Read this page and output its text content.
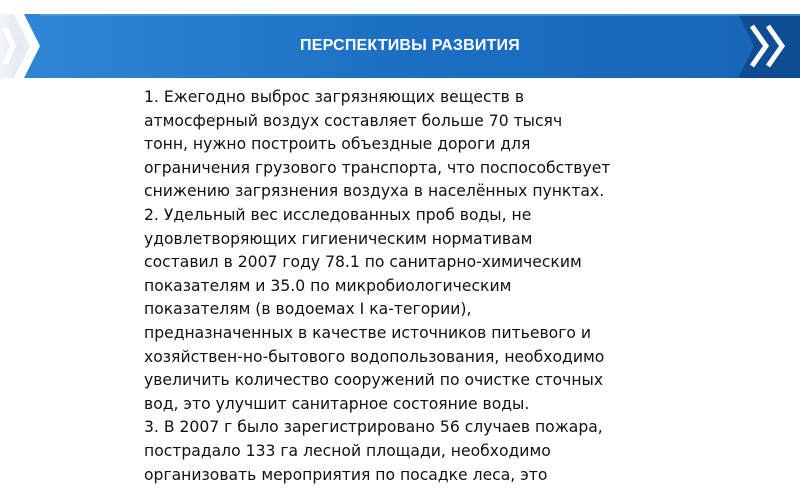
ПЕРСПЕКТИВЫ РАЗВИТИЯ

1. Ежегодно выброс загрязняющих веществ в
атмосферный воздух составляет больше 70 тысяч
тонн, нужно построить объездные дороги для
ограничения грузового транспорта, что поспособствует
снижению загрязнения воздуха в населённых пунктах.

2. Удельный вес исследованных проб воды, не
удовлетворяющих гигиеническим нормативам
составил в 2007 году 78.1 по санитарно-химическим
показателям и 35.0 по микробиологическим
показателям (в водоемах I ка-тегории),
предназначенных в качестве источников питьевого и
хозяйствен-но-бытового водопользования, необходимо
увеличить количество сооружений по очистке сточных
вод, это улучшит санитарное состояние воды.

3. В 2007 г было зарегистрировано 56 случаев пожара,
пострадало 133 га лесной площади, необходимо
организовать мероприятия по посадке леса, это
